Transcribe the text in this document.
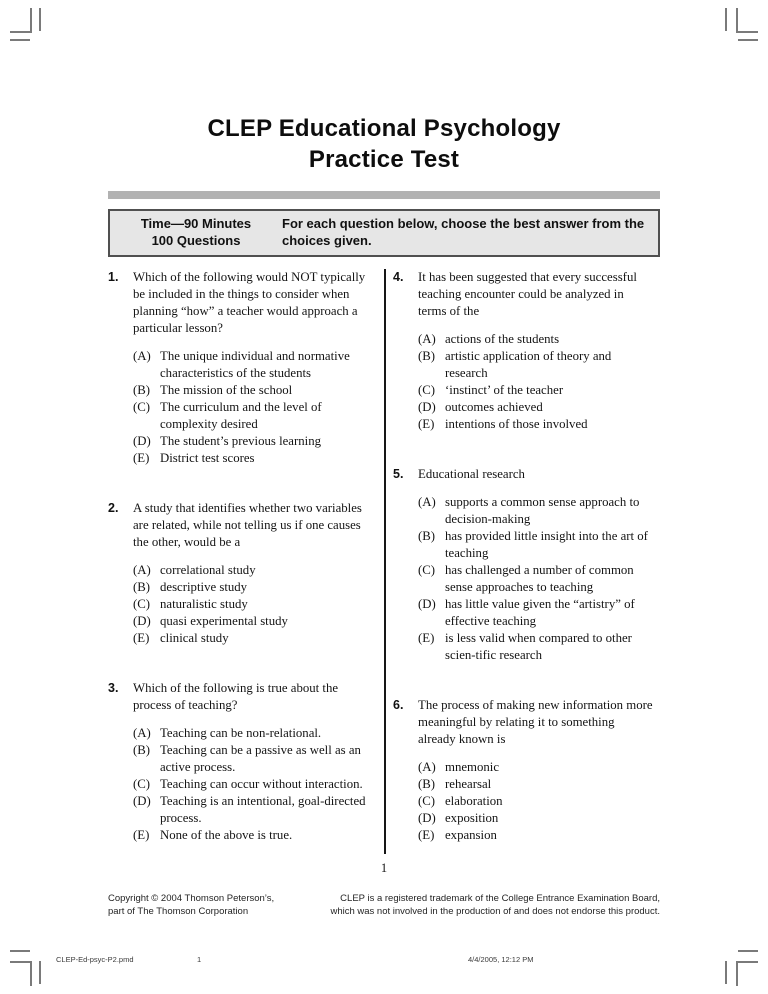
CLEP Educational Psychology
Practice Test
Time—90 Minutes
100 Questions
For each question below, choose the best answer from the choices given.
1.	Which of the following would NOT typically be included in the things to consider when planning “how” a teacher would approach a particular lesson?
(A) The unique individual and normative characteristics of the students
(B) The mission of the school
(C) The curriculum and the level of complexity desired
(D) The student’s previous learning
(E) District test scores
2.	A study that identifies whether two variables are related, while not telling us if one causes the other, would be a
(A) correlational study
(B) descriptive study
(C) naturalistic study
(D) quasi experimental study
(E) clinical study
3.	Which of the following is true about the process of teaching?
(A) Teaching can be non-relational.
(B) Teaching can be a passive as well as an active process.
(C) Teaching can occur without interaction.
(D) Teaching is an intentional, goal-directed process.
(E) None of the above is true.
4.	It has been suggested that every successful teaching encounter could be analyzed in terms of the
(A) actions of the students
(B) artistic application of theory and research
(C) ‘instinct’ of the teacher
(D) outcomes achieved
(E) intentions of those involved
5.	Educational research
(A) supports a common sense approach to decision-making
(B) has provided little insight into the art of teaching
(C) has challenged a number of common sense approaches to teaching
(D) has little value given the “artistry” of effective teaching
(E) is less valid when compared to other scien-tific research
6.	The process of making new information more meaningful by relating it to something already known is
(A) mnemonic
(B) rehearsal
(C) elaboration
(D) exposition
(E) expansion
1
Copyright © 2004 Thomson Peterson’s,
part of The Thomson Corporation
CLEP is a registered trademark of the College Entrance Examination Board,
which was not involved in the production of and does not endorse this product.
CLEP-Ed-psyc-P2.pmd	1	4/4/2005, 12:12 PM
